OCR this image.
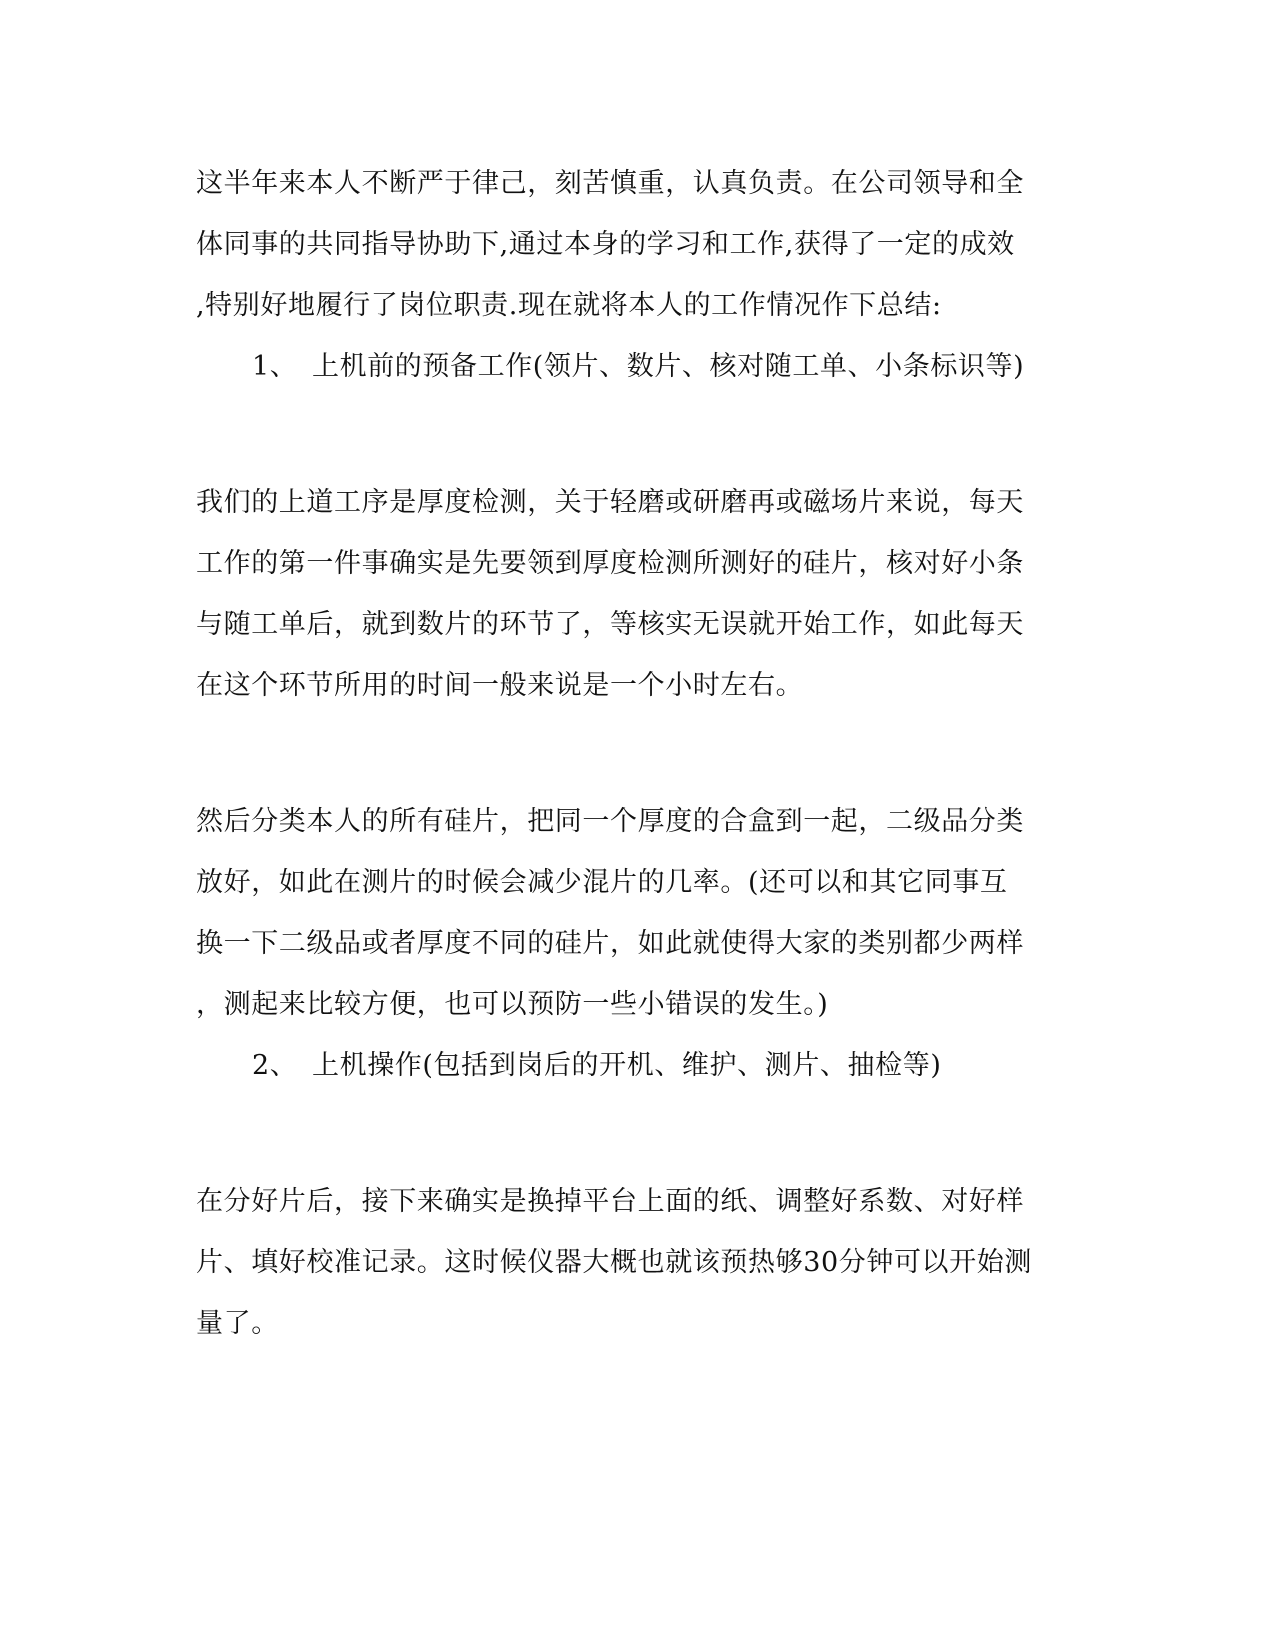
这半年来本人不断严于律己，刻苦慎重，认真负责。在公司领导和全
体同事的共同指导协助下,通过本身的学习和工作,获得了一定的成效
,特别好地履行了岗位职责.现在就将本人的工作情况作下总结:
1、 上机前的预备工作(领片、数片、核对随工单、小条标识等)
我们的上道工序是厚度检测，关于轻磨或研磨再或磁场片来说，每天
工作的第一件事确实是先要领到厚度检测所测好的硅片，核对好小条
与随工单后，就到数片的环节了，等核实无误就开始工作，如此每天
在这个环节所用的时间一般来说是一个小时左右。
然后分类本人的所有硅片，把同一个厚度的合盒到一起，二级品分类
放好，如此在测片的时候会减少混片的几率。(还可以和其它同事互
换一下二级品或者厚度不同的硅片，如此就使得大家的类别都少两样
，测起来比较方便，也可以预防一些小错误的发生。)
2、 上机操作(包括到岗后的开机、维护、测片、抽检等)
在分好片后，接下来确实是换掉平台上面的纸、调整好系数、对好样
片、填好校准记录。这时候仪器大概也就该预热够30分钟可以开始测
量了。
